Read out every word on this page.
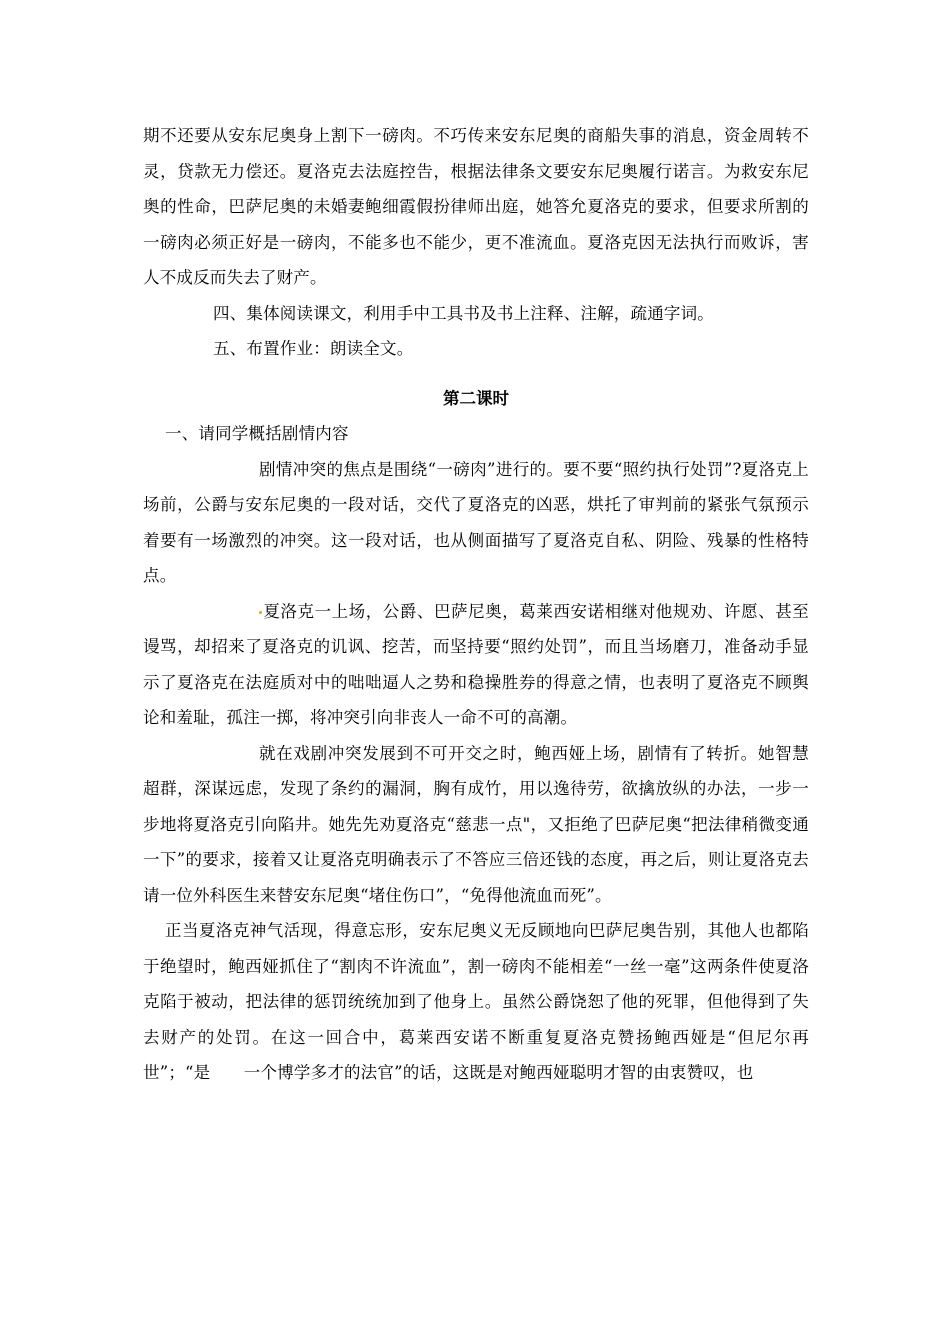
期不还要从安东尼奥身上割下一磅肉。不巧传来安东尼奥的商船失事的消息，资金周转不灵，贷款无力偿还。夏洛克去法庭控告，根据法律条文要安东尼奥履行诺言。为救安东尼奥的性命，巴萨尼奥的未婚妻鲍细霞假扮律师出庭，她答允夏洛克的要求，但要求所割的一磅肉必须正好是一磅肉，不能多也不能少，更不准流血。夏洛克因无法执行而败诉，害人不成反而失去了财产。

四、集体阅读课文，利用手中工具书及书上注释、注解，疏通字词。

五、布置作业：朗读全文。

第二课时

一、请同学概括剧情内容

剧情冲突的焦点是围绕“一磅肉”进行的。要不要“照约执行处罚”?夏洛克上场前，公爵与安东尼奥的一段对话，交代了夏洛克的凶恶，烘托了审判前的紧张气氛预示着要有一场激烈的冲突。这一段对话，也从侧面描写了夏洛克自私、阴险、残暴的性格特点。

夏洛克一上场，公爵、巴萨尼奥，葛莱西安诺相继对他规劝、许愿、甚至谩骂，却招来了夏洛克的讥讽、挖苦，而坚持要“照约处罚”，而且当场磨刀，准备动手显示了夏洛克在法庭质对中的咄咄逼人之势和稳操胜券的得意之情，也表明了夏洛克不顾舆论和羞耻，孤注一掷，将冲突引向非丧人一命不可的高潮。

就在戏剧冲突发展到不可开交之时，鲍西娅上场，剧情有了转折。她智慧超群，深谋远虑，发现了条约的漏洞，胸有成竹，用以逸待劳，欲擒放纵的办法，一步一步地将夏洛克引向陷井。她先先劝夏洛克“慈悲一点"，又拒绝了巴萨尼奥“把法律稍微变通一下”的要求，接着又让夏洛克明确表示了不答应三倍还钱的态度，再之后，则让夏洛克去请一位外科医生来替安东尼奥“堵住伤口”，“免得他流血而死”。

正当夏洛克神气活现，得意忘形，安东尼奥义无反顾地向巴萨尼奥告别，其他人也都陷于绝望时，鲍西娅抓住了“割肉不许流血”，割一磅肉不能相差“一丝一毫”这两条件使夏洛克陷于被动，把法律的惩罚统统加到了他身上。虽然公爵饶恕了他的死罪，但他得到了失去财产的处罚。在这一回合中，葛莱西安诺不断重复夏洛克赞扬鲍西娅是“但尼尔再世”；“是　　一个博学多才的法官”的话，这既是对鲍西娅聪明才智的由衷赞叹，也
